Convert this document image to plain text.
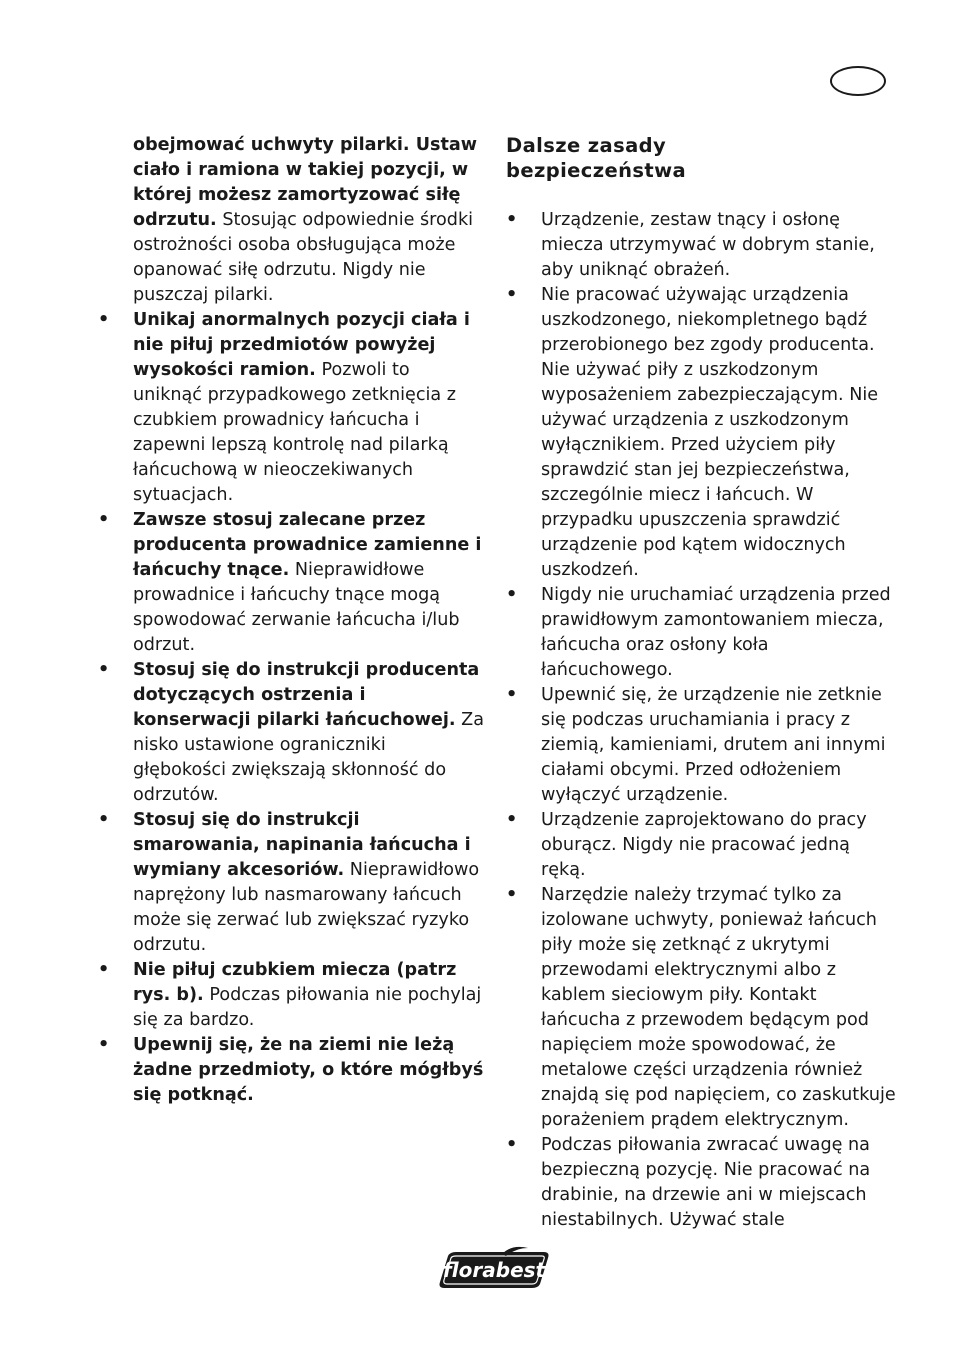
obejmować uchwyty pilarki. Ustaw ciało i ramiona w takiej pozycji, w której możesz zamortyzować siłę odrzutu. Stosując odpowiednie środki ostrożności osoba obsługująca może opanować siłę odrzutu. Nigdy nie puszczaj pilarki.

• Unikaj anormalnych pozycji ciała i nie piłuj przedmiotów powyżej wysokości ramion. Pozwoli to uniknąć przypadkowego zetknięcia z czubkiem prowadnicy łańcucha i zapewni lepszą kontrolę nad pilarką łańcuchową w nieoczekiwanych sytuacjach.

• Zawsze stosuj zalecane przez producenta prowadnice zamienne i łańcuchy tnące. Nieprawidłowe prowadnice i łańcuchy tnące mogą spowodować zerwanie łańcucha i/lub odrzut.

• Stosuj się do instrukcji producenta dotyczących ostrzenia i konserwacji pilarki łańcuchowej. Za nisko ustawione ograniczniki głębokości zwiększają skłonność do odrzutów.

• Stosuj się do instrukcji smarowania, napinania łańcucha i wymiany akcesoriów. Nieprawidłowo naprężony lub nasmarowany łańcuch może się zerwać lub zwiększać ryzyko odrzutu.

• Nie piłuj czubkiem miecza (patrz rys. b). Podczas piłowania nie pochylaj się za bardzo.

• Upewnij się, że na ziemi nie leżą żadne przedmioty, o które mógłbyś się potknąć.

Dalsze zasady
bezpieczeństwa

• Urządzenie, zestaw tnący i osłonę miecza utrzymywać w dobrym stanie, aby uniknąć obrażeń.

• Nie pracować używając urządzenia uszkodzonego, niekompletnego bądź przerobionego bez zgody producenta. Nie używać piły z uszkodzonym wyposażeniem zabezpieczającym. Nie używać urządzenia z uszkodzonym wyłącznikiem. Przed użyciem piły sprawdzić stan jej bezpieczeństwa, szczególnie miecz i łańcuch. W przypadku upuszczenia sprawdzić urządzenie pod kątem widocznych uszkodzeń.

• Nigdy nie uruchamiać urządzenia przed prawidłowym zamontowaniem miecza, łańcucha oraz osłony koła łańcuchowego.

• Upewnić się, że urządzenie nie zetknie się podczas uruchamiania i pracy z ziemią, kamieniami, drutem ani innymi ciałami obcymi. Przed odłożeniem wyłączyć urządzenie.

• Urządzenie zaprojektowano do pracy oburącz. Nigdy nie pracować jedną ręką.

• Narzędzie należy trzymać tylko za izolowane uchwyty, ponieważ łańcuch piły może się zetknąć z ukrytymi przewodami elektrycznymi albo z kablem sieciowym piły. Kontakt łańcucha z przewodem będącym pod napięciem może spowodować, że metalowe części urządzenia również znajdą się pod napięciem, co zaskutkuje porażeniem prądem elektrycznym.

• Podczas piłowania zwracać uwagę na bezpieczną pozycję. Nie pracować na drabinie, na drzewie ani w miejscach niestabilnych. Używać stale

florabest
